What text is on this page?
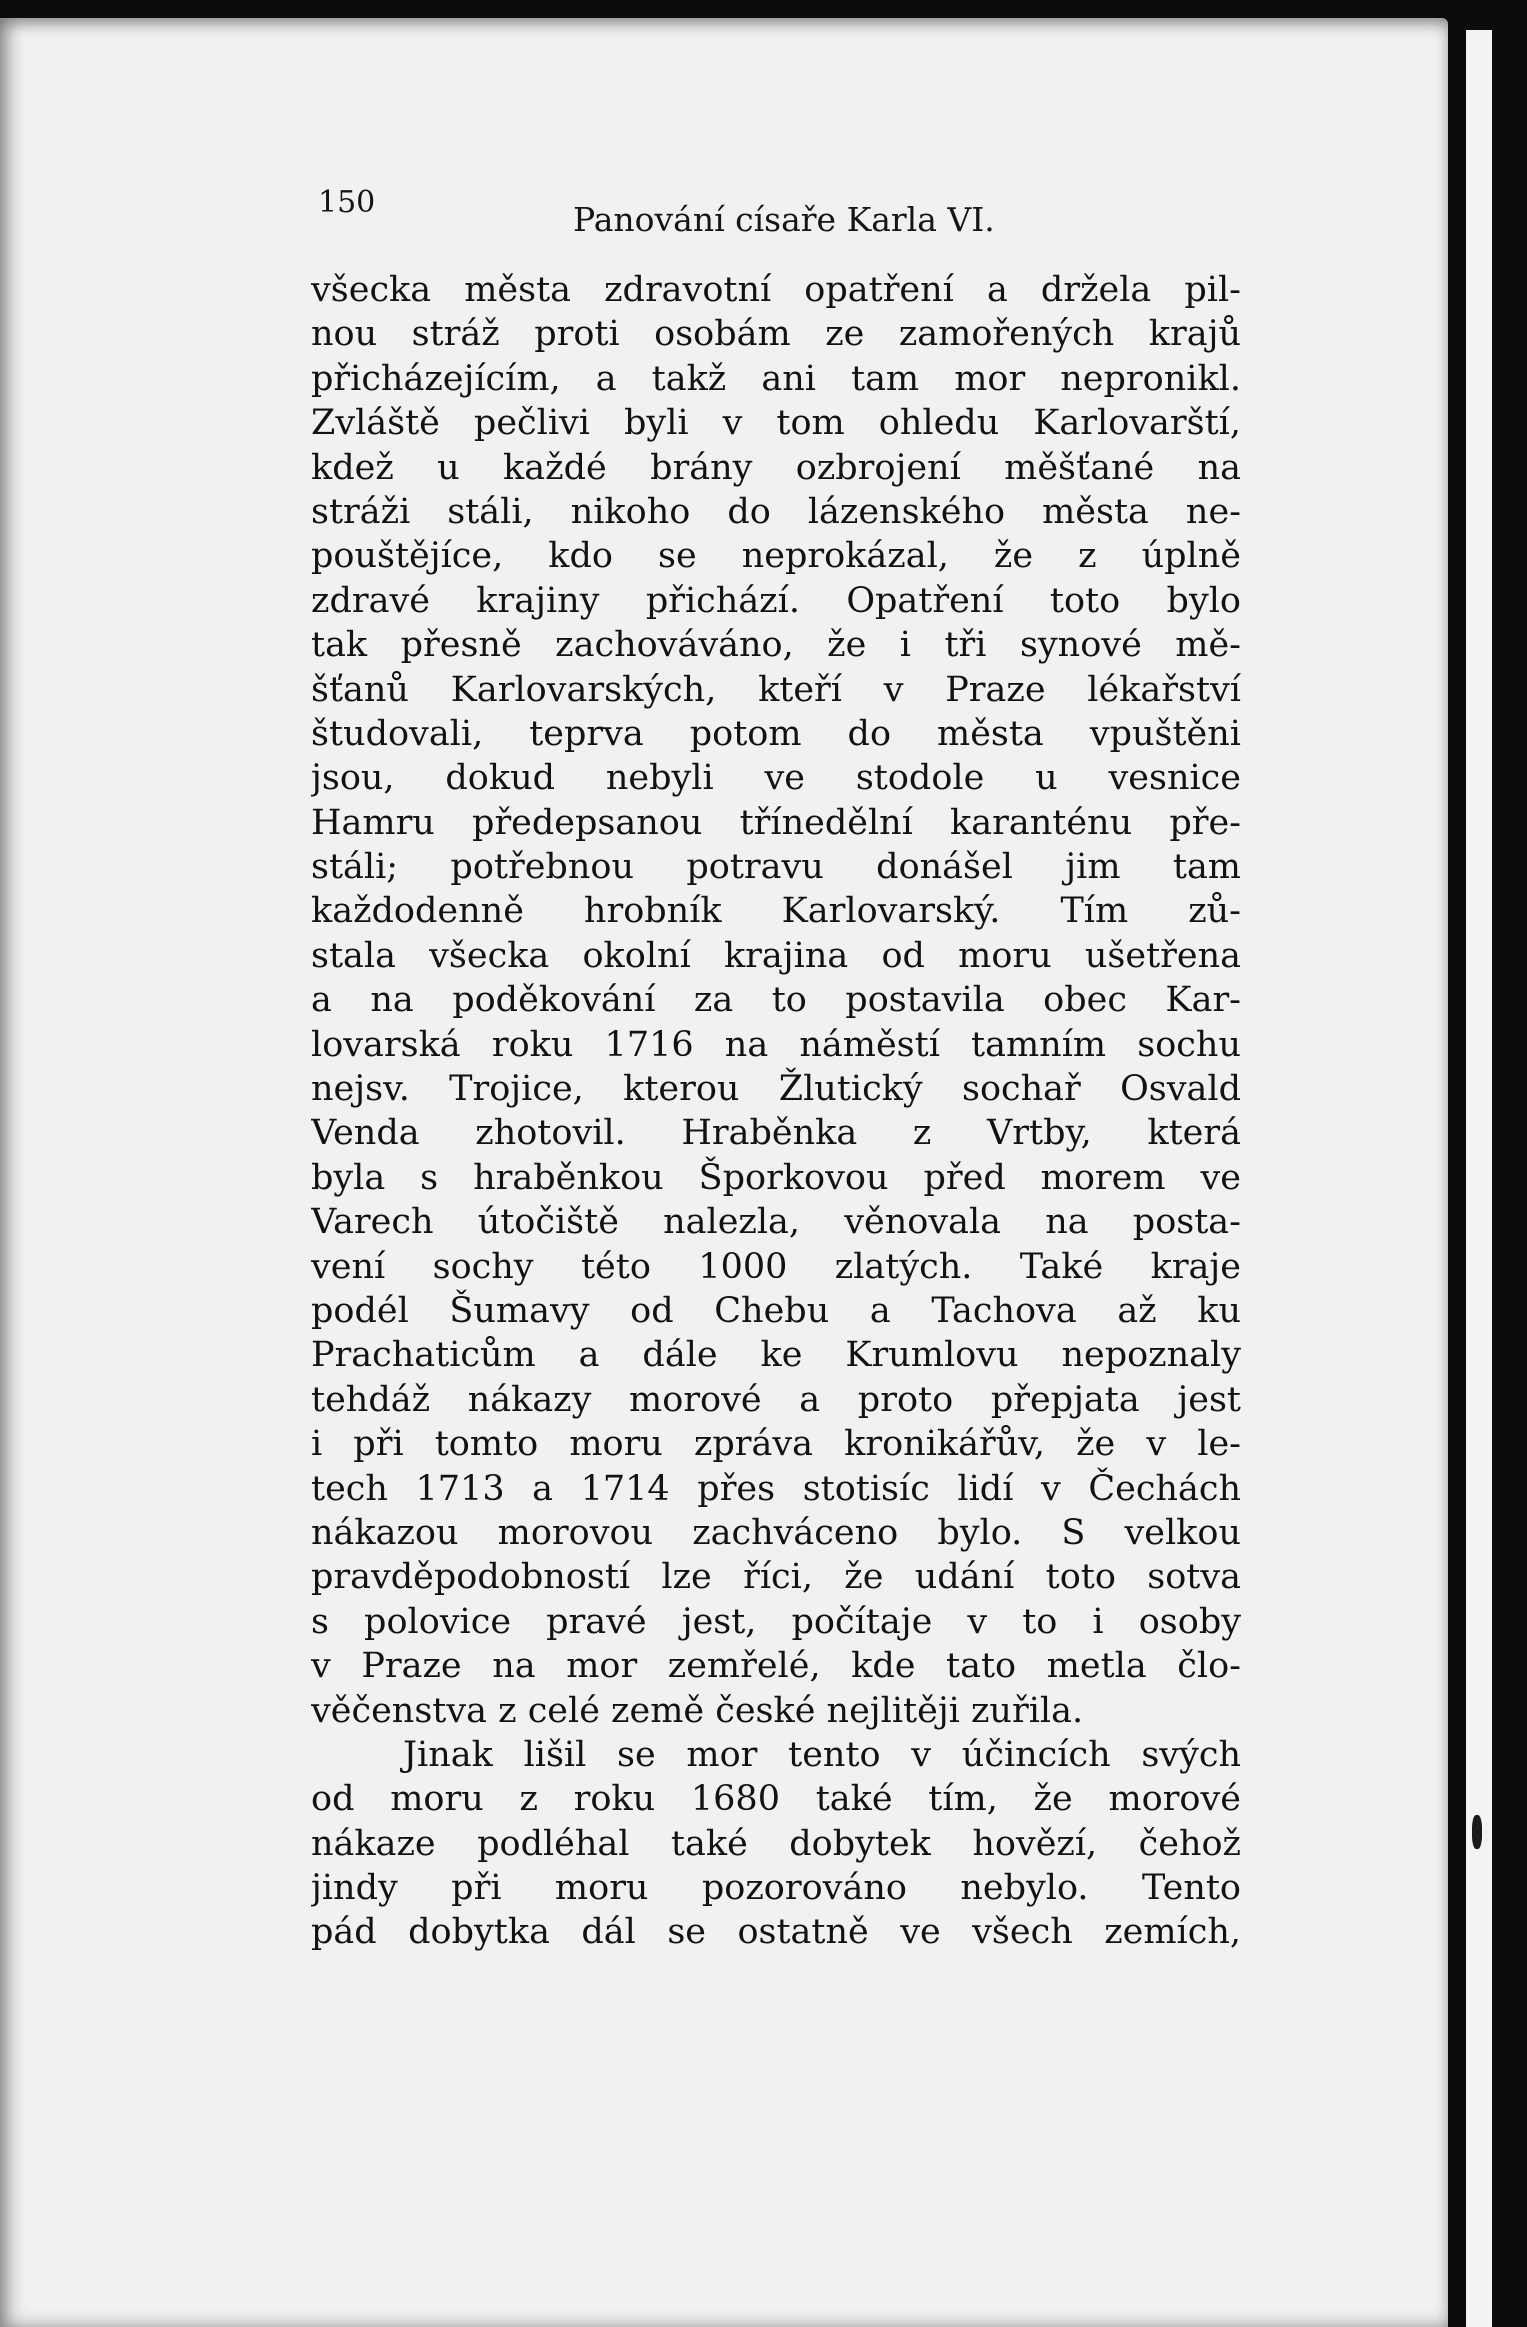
150	Panování císaře Karla VI.
všecka města zdravotní opatření a držela pil-
nou stráž proti osobám ze zamořených krajů
přicházejícím, a takž ani tam mor nepronikl.
Zvláště pečlivi byli v tom ohledu Karlovarští,
kdež u každé brány ozbrojení měšťané na
stráži stáli, nikoho do lázenského města ne-
pouštějíce, kdo se neprokázal, že z úplně
zdravé krajiny přichází. Opatření toto bylo
tak přesně zachováváno, že i tři synové mě-
šťanů Karlovarských, kteří v Praze lékařství
študovali, teprva potom do města vpuštěni
jsou, dokud nebyli ve stodole u vesnice
Hamru předepsanou třínedělní karanténu pře-
stáli; potřebnou potravu donášel jim tam
každodenně hrobník Karlovarský. Tím zů-
stala všecka okolní krajina od moru ušetřena
a na poděkování za to postavila obec Kar-
lovarská roku 1716 na náměstí tamním sochu
nejsv. Trojice, kterou Žlutický sochař Osvald
Venda zhotovil. Hraběnka z Vrtby, která
byla s hraběnkou Šporkovou před morem ve
Varech útočiště nalezla, věnovala na posta-
vení sochy této 1000 zlatých. Také kraje
podél Šumavy od Chebu a Tachova až ku
Prachaticům a dále ke Krumlovu nepoznaly
tehdáž nákazy morové a proto přepjata jest
i při tomto moru zpráva kronikářův, že v le-
tech 1713 a 1714 přes stotisíc lidí v Čechách
nákazou morovou zachváceno bylo. S velkou
pravděpodobností lze říci, že udání toto sotva
s polovice pravé jest, počítaje v to i osoby
v Praze na mor zemřelé, kde tato metla člo-
věčenstva z celé země české nejlitěji zuřila.
Jinak lišil se mor tento v účincích svých
od moru z roku 1680 také tím, že morové
nákaze podléhal také dobytek hovězí, čehož
jindy při moru pozorováno nebylo. Tento
pád dobytka dál se ostatně ve všech zemích,
